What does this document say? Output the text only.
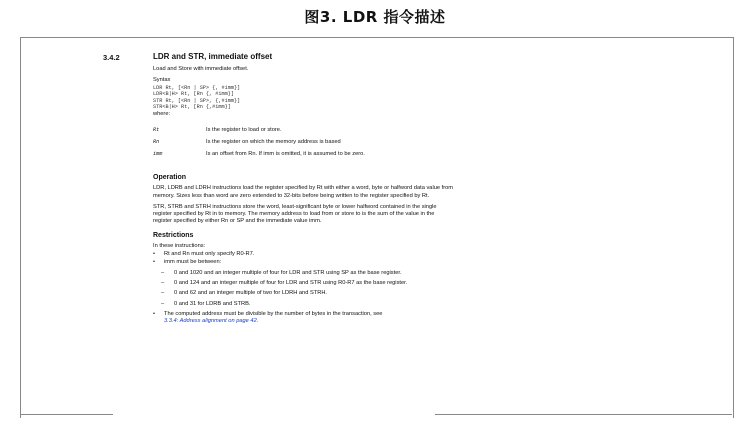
图3. LDR 指令描述
3.4.2	LDR and STR, immediate offset

Load and Store with immediate offset.

Syntax
LDR Rt, [<Rn | SP> {, #imm}]
LDR<B|H> Rt, [Rn {, #imm}]
STR Rt, [<Rn | SP>, {,#imm}]
STR<B|H> Rt, [Rn {,#imm}]
where:
Rt	Is the register to load or store.
Rn	Is the register on which the memory address is based
imm	Is an offset from Rn. If imm is omitted, it is assumed to be zero.
Operation

LDR, LDRB and LDRH instructions load the register specified by Rt with either a word, byte or halfword data value from memory. Sizes less than word are zero extended to 32-bits before being written to the register specified by Rt.

STR, STRB and STRH instructions store the word, least-significant byte or lower halfword contained in the single register specified by Rt in to memory. The memory address to load from or store to is the sum of the value in the register specified by either Rn or SP and the immediate value imm.

Restrictions
In these instructions:
• Rt and Rn must only specify R0-R7.
• imm must be between:
– 0 and 1020 and an integer multiple of four for LDR and STR using SP as the base register.
– 0 and 124 and an integer multiple of four for LDR and STR using R0-R7 as the base register.
– 0 and 62 and an integer multiple of two for LDRH and STRH.
– 0 and 31 for LDRB and STRB.
• The computed address must be divisible by the number of bytes in the transaction, see
3.3.4: Address alignment on page 42.
